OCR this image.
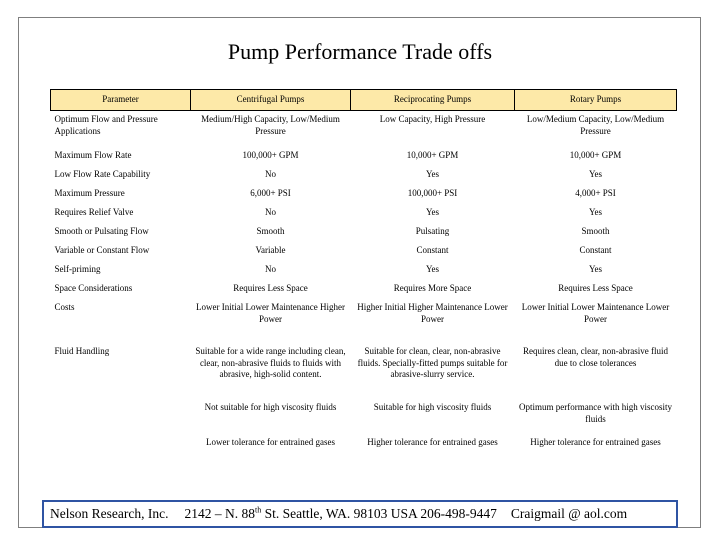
Pump Performance Trade offs
Parameter	Centrifugal Pumps	Reciprocating Pumps	Rotary Pumps
Optimum Flow and Pressure Applications	Medium/High Capacity, Low/Medium Pressure	Low Capacity, High Pressure	Low/Medium Capacity, Low/Medium Pressure
Maximum Flow Rate	100,000+ GPM	10,000+ GPM	10,000+ GPM
Low Flow Rate Capability	No	Yes	Yes
Maximum Pressure	6,000+ PSI	100,000+ PSI	4,000+ PSI
Requires Relief Valve	No	Yes	Yes
Smooth or Pulsating Flow	Smooth	Pulsating	Smooth
Variable or Constant Flow	Variable	Constant	Constant
Self-priming	No	Yes	Yes
Space Considerations	Requires Less Space	Requires More Space	Requires Less Space
Costs	Lower Initial Lower Maintenance Higher Power	Higher Initial Higher Maintenance Lower Power	Lower Initial Lower Maintenance Lower Power
Fluid Handling	Suitable for a wide range including clean, clear, non-abrasive fluids to fluids with abrasive, high-solid content.	Suitable for clean, clear, non-abrasive fluids. Specially-fitted pumps suitable for abrasive-slurry service.	Requires clean, clear, non-abrasive fluid due to close tolerances
	Not suitable for high viscosity fluids	Suitable for high viscosity fluids	Optimum performance with high viscosity fluids
	Lower tolerance for entrained gases	Higher tolerance for entrained gases	Higher tolerance for entrained gases
Nelson Research, Inc. 2142 – N. 88th St. Seattle, WA. 98103 USA 206-498-9447 Craigmail @ aol.com
